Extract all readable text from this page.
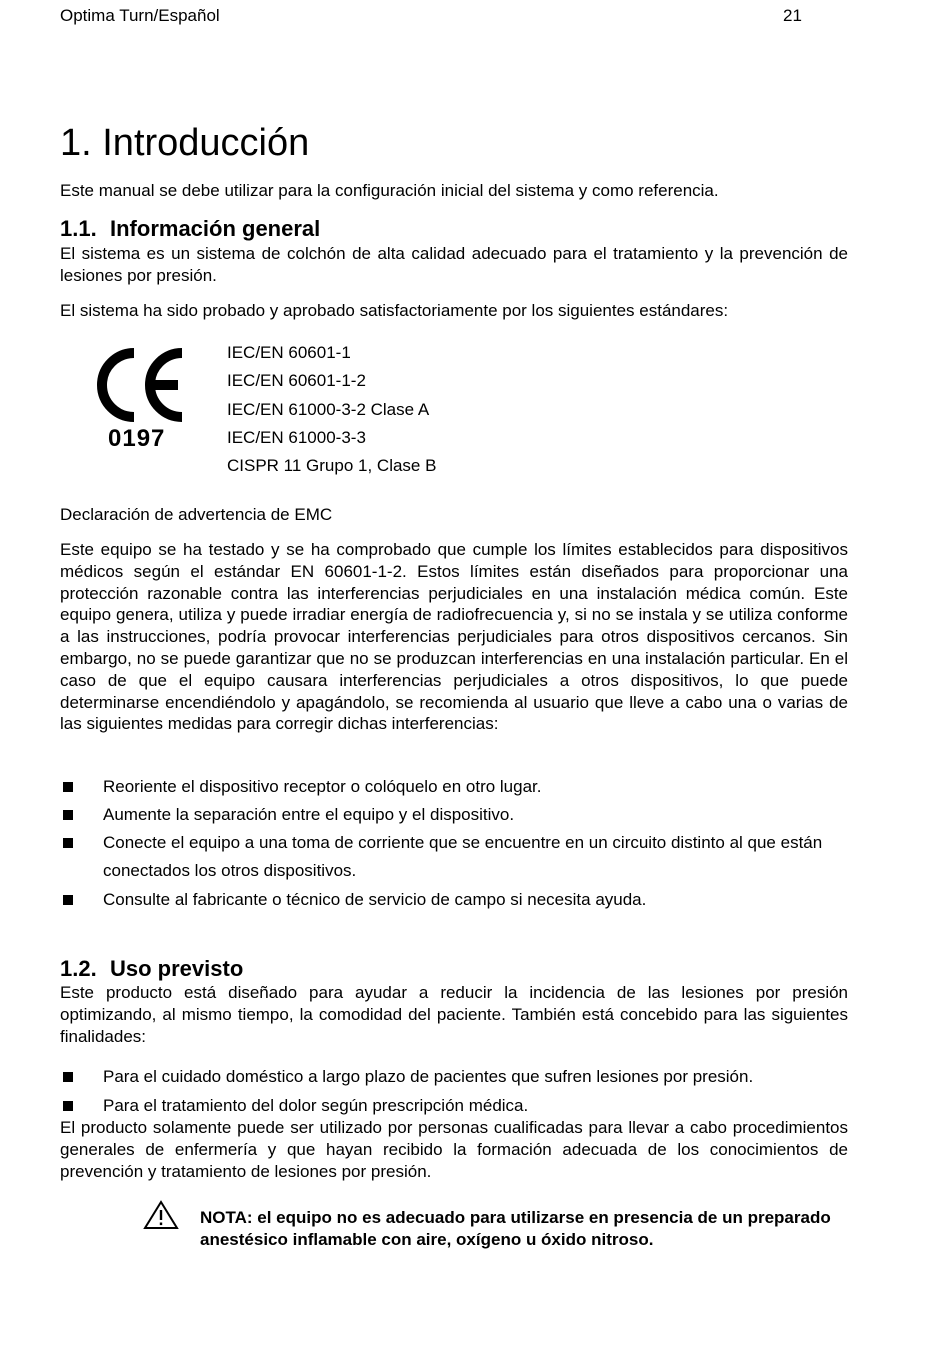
Optima Turn/Español	21
1. Introducción
Este manual se debe utilizar para la configuración inicial del sistema y como referencia.
1.1. Información general

El sistema es un sistema de colchón de alta calidad adecuado para el tratamiento y la prevención de lesiones por presión.

El sistema ha sido probado y aprobado satisfactoriamente por los siguientes estándares:
0197
IEC/EN 60601-1
IEC/EN 60601-1-2
IEC/EN 61000-3-2 Clase A
IEC/EN 61000-3-3
CISPR 11 Grupo 1, Clase B
Declaración de advertencia de EMC

Este equipo se ha testado y se ha comprobado que cumple los límites establecidos para dispositivos médicos según el estándar EN 60601-1-2. Estos límites están diseñados para proporcionar una protección razonable contra las interferencias perjudiciales en una instalación médica común. Este equipo genera, utiliza y puede irradiar energía de radiofrecuencia y, si no se instala y se utiliza conforme a las instrucciones, podría provocar interferencias perjudiciales para otros dispositivos cercanos. Sin embargo, no se puede garantizar que no se produzcan interferencias en una instalación particular. En el caso de que el equipo causara interferencias perjudiciales a otros dispositivos, lo que puede determinarse encendiéndolo y apagándolo, se recomienda al usuario que lleve a cabo una o varias de las siguientes medidas para corregir dichas interferencias:

Reoriente el dispositivo receptor o colóquelo en otro lugar.
Aumente la separación entre el equipo y el dispositivo.
Conecte el equipo a una toma de corriente que se encuentre en un circuito distinto al que están conectados los otros dispositivos.
Consulte al fabricante o técnico de servicio de campo si necesita ayuda.
1.2. Uso previsto

Este producto está diseñado para ayudar a reducir la incidencia de las lesiones por presión optimizando, al mismo tiempo, la comodidad del paciente. También está concebido para las siguientes finalidades:

Para el cuidado doméstico a largo plazo de pacientes que sufren lesiones por presión.
Para el tratamiento del dolor según prescripción médica.

El producto solamente puede ser utilizado por personas cualificadas para llevar a cabo procedimientos generales de enfermería y que hayan recibido la formación adecuada de los conocimientos de prevención y tratamiento de lesiones por presión.

NOTA: el equipo no es adecuado para utilizarse en presencia de un preparado anestésico inflamable con aire, oxígeno u óxido nitroso.
